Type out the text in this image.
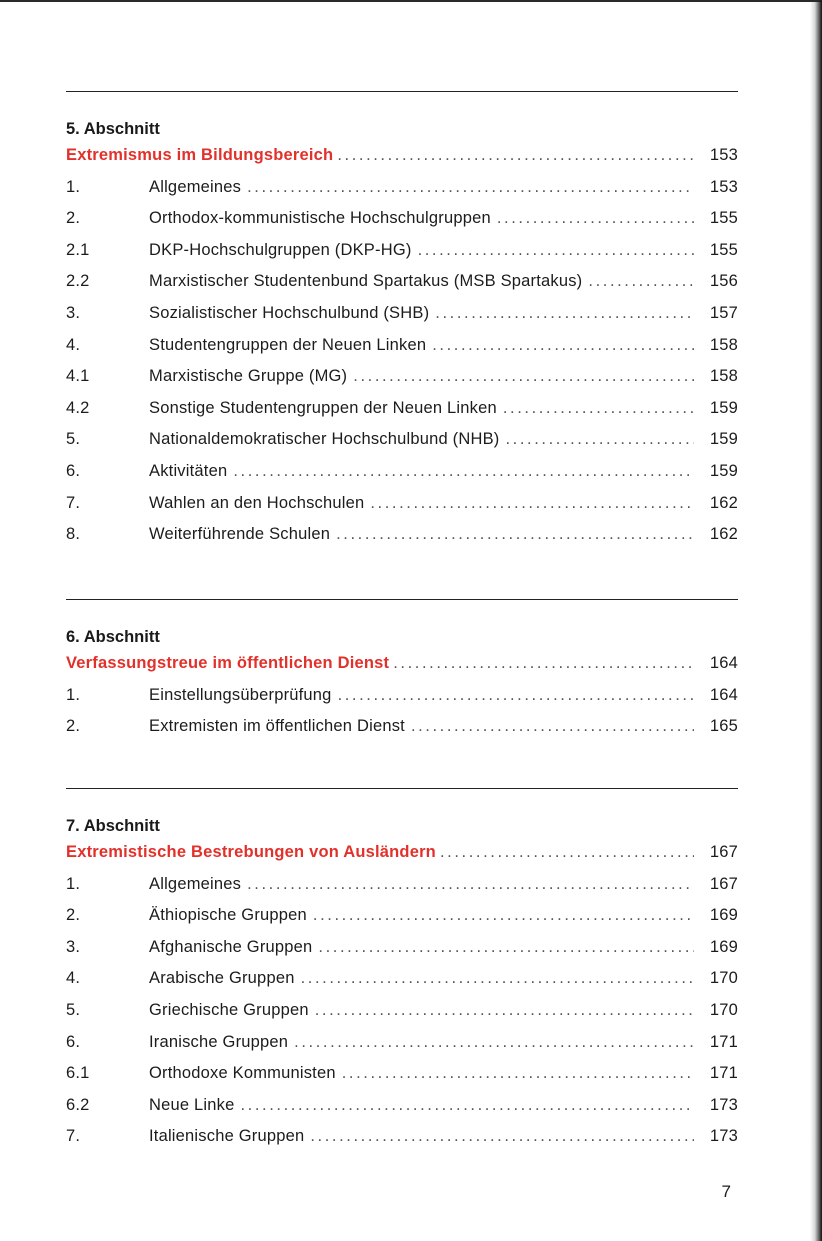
5. Abschnitt
Extremismus im Bildungsbereich .....	153
1.	Allgemeines .....	153
2.	Orthodox-kommunistische Hochschulgruppen .....	155
2.1	DKP-Hochschulgruppen (DKP-HG) .....	155
2.2	Marxistischer Studentenbund Spartakus (MSB Spartakus) .....	156
3.	Sozialistischer Hochschulbund (SHB) .....	157
4.	Studentengruppen der Neuen Linken .....	158
4.1	Marxistische Gruppe (MG) .....	158
4.2	Sonstige Studentengruppen der Neuen Linken .....	159
5.	Nationaldemokratischer Hochschulbund (NHB) .....	159
6.	Aktivitäten .....	159
7.	Wahlen an den Hochschulen .....	162
8.	Weiterführende Schulen .....	162
6. Abschnitt
Verfassungstreue im öffentlichen Dienst .....	164
1.	Einstellungsüberprüfung .....	164
2.	Extremisten im öffentlichen Dienst .....	165
7. Abschnitt
Extremistische Bestrebungen von Ausländern .....	167
1.	Allgemeines .....	167
2.	Äthiopische Gruppen .....	169
3.	Afghanische Gruppen .....	169
4.	Arabische Gruppen .....	170
5.	Griechische Gruppen .....	170
6.	Iranische Gruppen .....	171
6.1	Orthodoxe Kommunisten .....	171
6.2	Neue Linke .....	173
7.	Italienische Gruppen .....	173
7
